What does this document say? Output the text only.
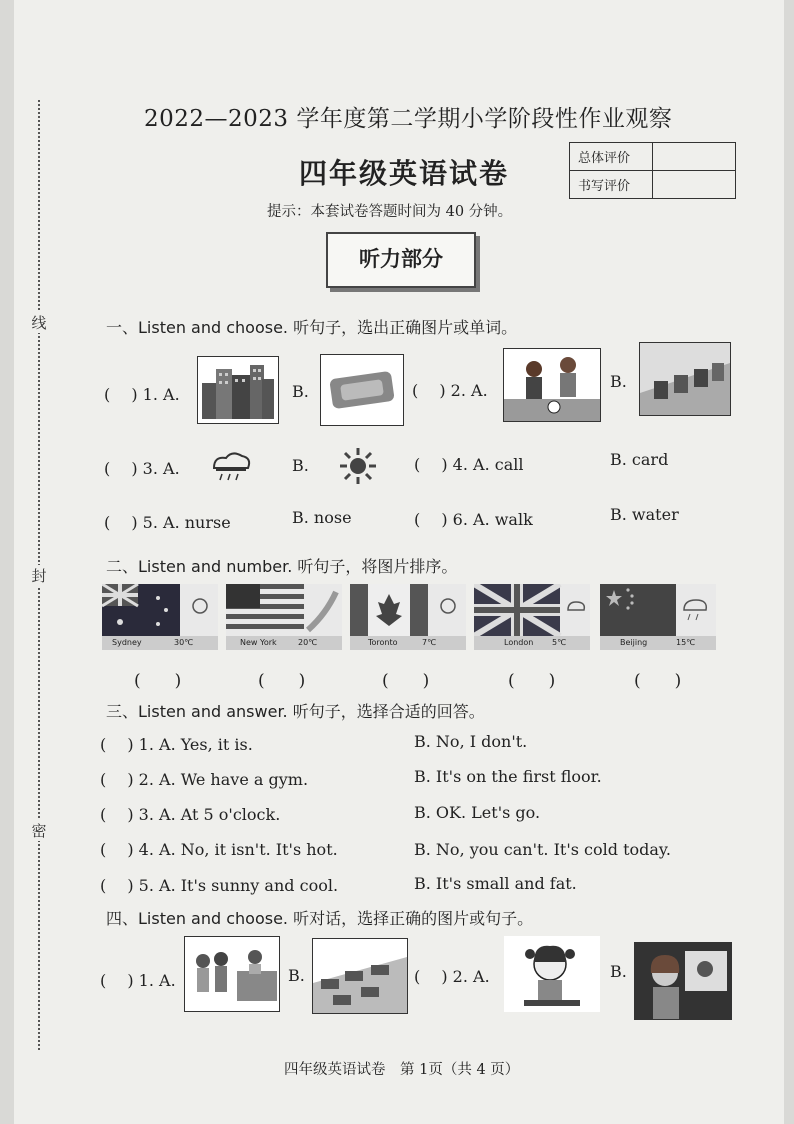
线
封
密
2022—2023 学年度第二学期小学阶段性作业观察
四年级英语试卷
提示：本套试卷答题时间为 40 分钟。
总体评价	
书写评价	
听力部分
一、Listen and choose. 听句子，选出正确图片或单词。
(　 ) 1. A.	B.	(　 ) 2. A.	B.
(　 ) 3. A.	B.	(　 ) 4. A. call	B. card
(　 ) 5. A. nurse	B. nose	(　 ) 6. A. walk	B. water
二、Listen and number. 听句子，将图片排序。
Sydney	30℃	New York	20℃	Toronto	7℃	London 5℃	Beijing	15℃
(　　)	(　　)	(　　)	(　　)	(　　)
三、Listen and answer. 听句子，选择合适的回答。
(　 ) 1. A. Yes, it is.	B. No, I don't.
(　 ) 2. A. We have a gym.	B. It's on the first floor.
(　 ) 3. A. At 5 o'clock.	B. OK. Let's go.
(　 ) 4. A. No, it isn't. It's hot.	B. No, you can't. It's cold today.
(　 ) 5. A. It's sunny and cool.	B. It's small and fat.
四、Listen and choose. 听对话，选择正确的图片或句子。
(　 ) 1. A.	B.	(　 ) 2. A.	B.
四年级英语试卷　第 1页（共 4 页）
